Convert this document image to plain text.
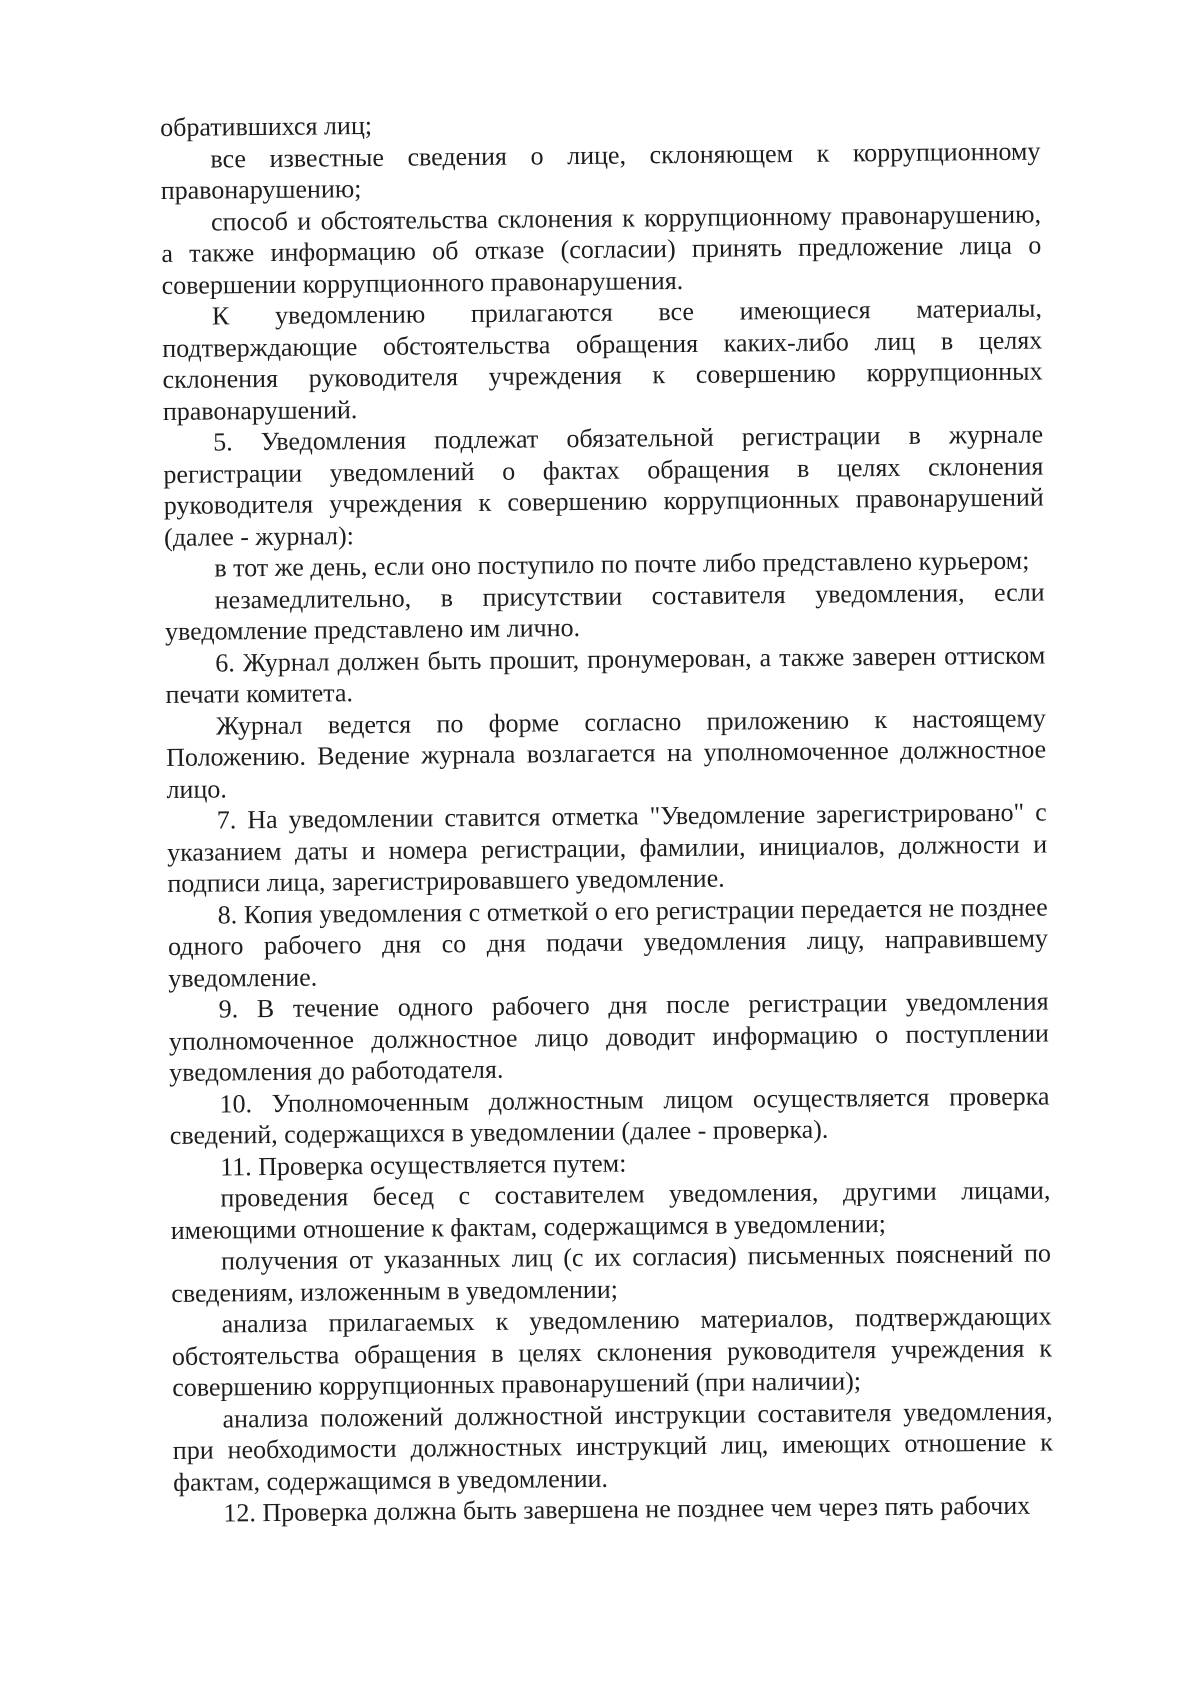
обратившихся лиц;

все известные сведения о лице, склоняющем к коррупционному правонарушению;

способ и обстоятельства склонения к коррупционному правонарушению, а также информацию об отказе (согласии) принять предложение лица о совершении коррупционного правонарушения.

К уведомлению прилагаются все имеющиеся материалы, подтверждающие обстоятельства обращения каких-либо лиц в целях склонения руководителя учреждения к совершению коррупционных правонарушений.

5. Уведомления подлежат обязательной регистрации в журнале регистрации уведомлений о фактах обращения в целях склонения руководителя учреждения к совершению коррупционных правонарушений (далее - журнал):

в тот же день, если оно поступило по почте либо представлено курьером;

незамедлительно, в присутствии составителя уведомления, если уведомление представлено им лично.

6. Журнал должен быть прошит, пронумерован, а также заверен оттиском печати комитета.

Журнал ведется по форме согласно приложению к настоящему Положению. Ведение журнала возлагается на уполномоченное должностное лицо.

7. На уведомлении ставится отметка "Уведомление зарегистрировано" с указанием даты и номера регистрации, фамилии, инициалов, должности и подписи лица, зарегистрировавшего уведомление.

8. Копия уведомления с отметкой о его регистрации передается не позднее одного рабочего дня со дня подачи уведомления лицу, направившему уведомление.

9. В течение одного рабочего дня после регистрации уведомления уполномоченное должностное лицо доводит информацию о поступлении уведомления до работодателя.

10. Уполномоченным должностным лицом осуществляется проверка сведений, содержащихся в уведомлении (далее - проверка).

11. Проверка осуществляется путем:

проведения бесед с составителем уведомления, другими лицами, имеющими отношение к фактам, содержащимся в уведомлении;

получения от указанных лиц (с их согласия) письменных пояснений по сведениям, изложенным в уведомлении;

анализа прилагаемых к уведомлению материалов, подтверждающих обстоятельства обращения в целях склонения руководителя учреждения к совершению коррупционных правонарушений (при наличии);

анализа положений должностной инструкции составителя уведомления, при необходимости должностных инструкций лиц, имеющих отношение к фактам, содержащимся в уведомлении.

12. Проверка должна быть завершена не позднее чем через пять рабочих
